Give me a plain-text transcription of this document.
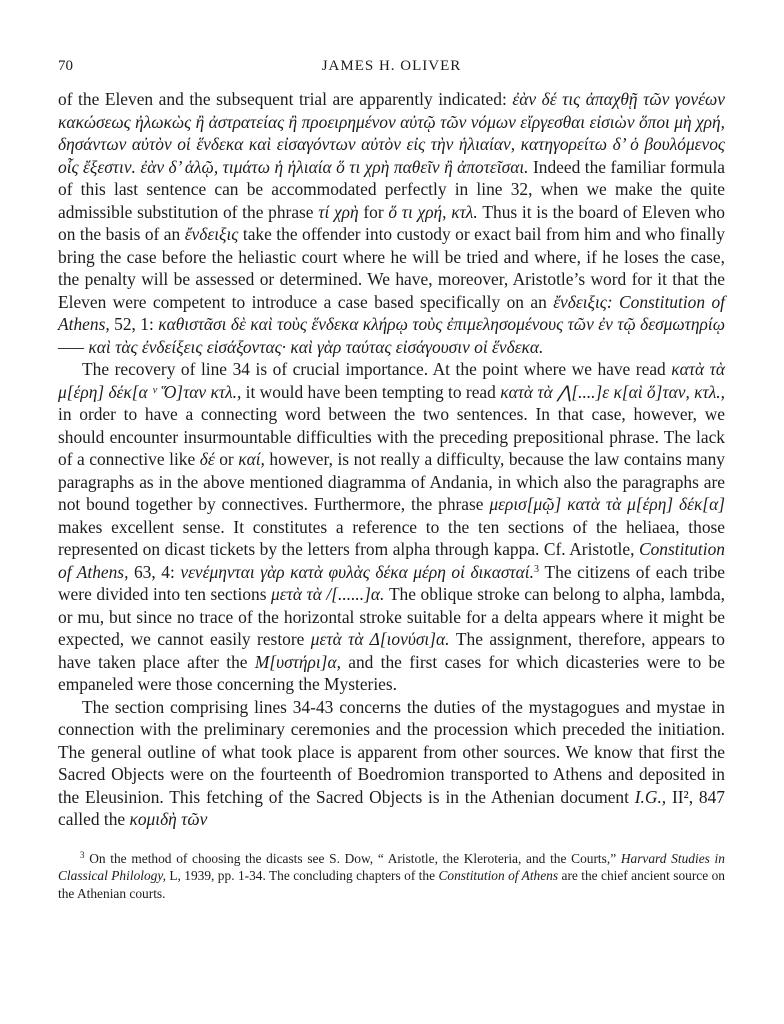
70	JAMES H. OLIVER

of the Eleven and the subsequent trial are apparently indicated: ἐὰν δέ τις ἀπαχθῇ τῶν γονέων κακώσεως ἠλωκὼς ἢ ἀστρατείας ἢ προειρημένον αὐτῷ τῶν νόμων εἴργεσθαι εἰσιὼν ὅποι μὴ χρή, δησάντων αὐτὸν οἱ ἕνδεκα καὶ εἰσαγόντων αὐτὸν εἰς τὴν ἡλιαίαν, κατηγορείτω δ’ ὁ βουλόμενος οἷς ἔξεστιν. ἐὰν δ’ ἁλῷ, τιμάτω ἡ ἡλιαία ὅ τι χρὴ παθεῖν ἢ ἀποτεῖσαι. Indeed the familiar formula of this last sentence can be accommodated perfectly in line 32, when we make the quite admissible substitution of the phrase τί χρὴ for ὅ τι χρή, κτλ. Thus it is the board of Eleven who on the basis of an ἔνδειξις take the offender into custody or exact bail from him and who finally bring the case before the heliastic court where he will be tried and where, if he loses the case, the penalty will be assessed or determined. We have, moreover, Aristotle’s word for it that the Eleven were competent to introduce a case based specifically on an ἔνδειξις: Constitution of Athens, 52, 1: καθιστᾶσι δὲ καὶ τοὺς ἕνδεκα κλήρῳ τοὺς ἐπιμελησομένους τῶν ἐν τῷ δεσμωτηρίῳ ––– καὶ τὰς ἐνδείξεις εἰσάξοντας· καὶ γὰρ ταύτας εἰσάγουσιν οἱ ἕνδεκα.

The recovery of line 34 is of crucial importance. At the point where we have read κατὰ τὰ μ[έρη] δέκ[α ᵛ Ὅ]ταν κτλ., it would have been tempting to read κατὰ τὰ ⋀[....]ε κ[αὶ ὅ]ταν, κτλ., in order to have a connecting word between the two sentences. In that case, however, we should encounter insurmountable difficulties with the preceding prepositional phrase. The lack of a connective like δέ or καί, however, is not really a difficulty, because the law contains many paragraphs as in the above mentioned diagramma of Andania, in which also the paragraphs are not bound together by connectives. Furthermore, the phrase μερισ[μῷ] κατὰ τὰ μ[έρη] δέκ[α] makes excellent sense. It constitutes a reference to the ten sections of the heliaea, those represented on dicast tickets by the letters from alpha through kappa. Cf. Aristotle, Constitution of Athens, 63, 4: νενέμηνται γὰρ κατὰ φυλὰς δέκα μέρη οἱ δικασταί.$^3$ The citizens of each tribe were divided into ten sections μετὰ τὰ /[......]α. The oblique stroke can belong to alpha, lambda, or mu, but since no trace of the horizontal stroke suitable for a delta appears where it might be expected, we cannot easily restore μετὰ τὰ Δ[ιονύσι]α. The assignment, therefore, appears to have taken place after the Μ[υστήρι]α, and the first cases for which dicasteries were to be empaneled were those concerning the Mysteries.

The section comprising lines 34-43 concerns the duties of the mystagogues and mystae in connection with the preliminary ceremonies and the procession which preceded the initiation. The general outline of what took place is apparent from other sources. We know that first the Sacred Objects were on the fourteenth of Boedromion transported to Athens and deposited in the Eleusinion. This fetching of the Sacred Objects is in the Athenian document I.G., II², 847 called the κομιδὴ τῶν

$^3$ On the method of choosing the dicasts see S. Dow, “ Aristotle, the Kleroteria, and the Courts,” Harvard Studies in Classical Philology, L, 1939, pp. 1-34. The concluding chapters of the Constitution of Athens are the chief ancient source on the Athenian courts.
